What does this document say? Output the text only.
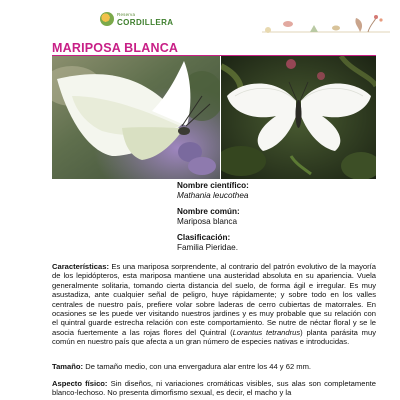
Reserva
CORDILLERA
MARIPOSA BLANCA
Nombre científico:
Mathania leucothea
Nombre común:
Mariposa blanca
Clasificación:
Familia Pieridae.
Características: Es una mariposa sorprendente, al contrario del patrón evolutivo de la mayoría de los lepidópteros, esta mariposa mantiene una austeridad absoluta en su apariencia. Vuela generalmente solitaria, tomando cierta distancia del suelo, de forma ágil e irregular. Es muy asustadiza, ante cualquier señal de peligro, huye rápidamente; y sobre todo en los valles centrales de nuestro país, prefiere volar sobre laderas de cerro cubiertas de matorrales. En ocasiones se les puede ver visitando nuestros jardines y es muy probable que su relación con el quintral guarde estrecha relación con este comportamiento. Se nutre de néctar floral y se le asocia fuertemente a las rojas flores del Quintral (Lorantus tetrandrus) planta parásita muy común en nuestro país que afecta a un gran número de especies nativas e introducidas.
Tamaño: De tamaño medio, con una envergadura alar entre los 44 y 62 mm.
Aspecto físico: Sin diseños, ni variaciones cromáticas visibles, sus alas son completamente blanco-lechoso. No presenta dimorfismo sexual, es decir, el macho y la
